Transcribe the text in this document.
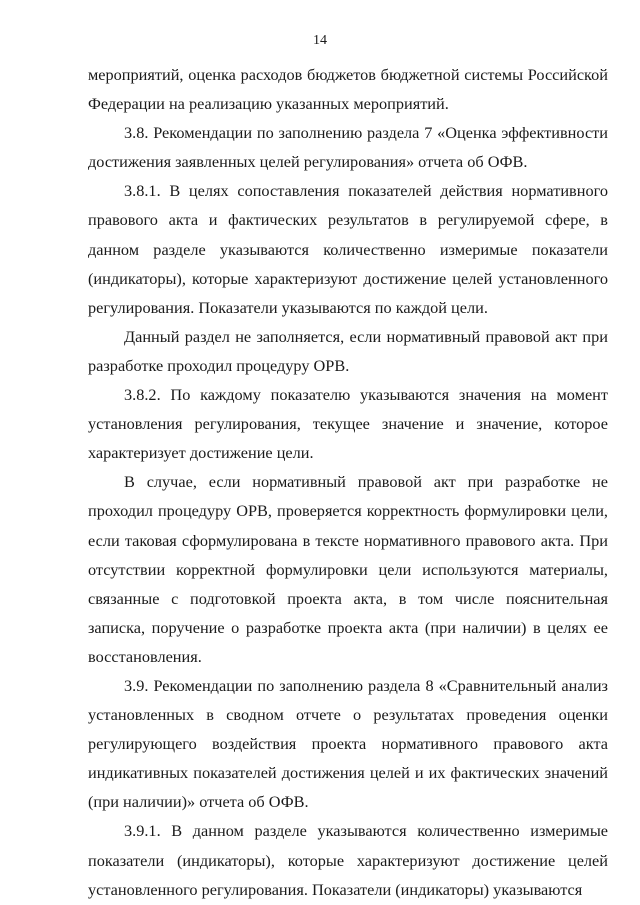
14

мероприятий, оценка расходов бюджетов бюджетной системы Российской Федерации на реализацию указанных мероприятий.

3.8. Рекомендации по заполнению раздела 7 «Оценка эффективности достижения заявленных целей регулирования» отчета об ОФВ.

3.8.1. В целях сопоставления показателей действия нормативного правового акта и фактических результатов в регулируемой сфере, в данном разделе указываются количественно измеримые показатели (индикаторы), которые характеризуют достижение целей установленного регулирования. Показатели указываются по каждой цели.

Данный раздел не заполняется, если нормативный правовой акт при разработке проходил процедуру ОРВ.

3.8.2. По каждому показателю указываются значения на момент установления регулирования, текущее значение и значение, которое характеризует достижение цели.

В случае, если нормативный правовой акт при разработке не проходил процедуру ОРВ, проверяется корректность формулировки цели, если таковая сформулирована в тексте нормативного правового акта. При отсутствии корректной формулировки цели используются материалы, связанные с подготовкой проекта акта, в том числе пояснительная записка, поручение о разработке проекта акта (при наличии) в целях ее восстановления.

3.9. Рекомендации по заполнению раздела 8 «Сравнительный анализ установленных в сводном отчете о результатах проведения оценки регулирующего воздействия проекта нормативного правового акта индикативных показателей достижения целей и их фактических значений (при наличии)» отчета об ОФВ.

3.9.1. В данном разделе указываются количественно измеримые показатели (индикаторы), которые характеризуют достижение целей установленного регулирования. Показатели (индикаторы) указываются
